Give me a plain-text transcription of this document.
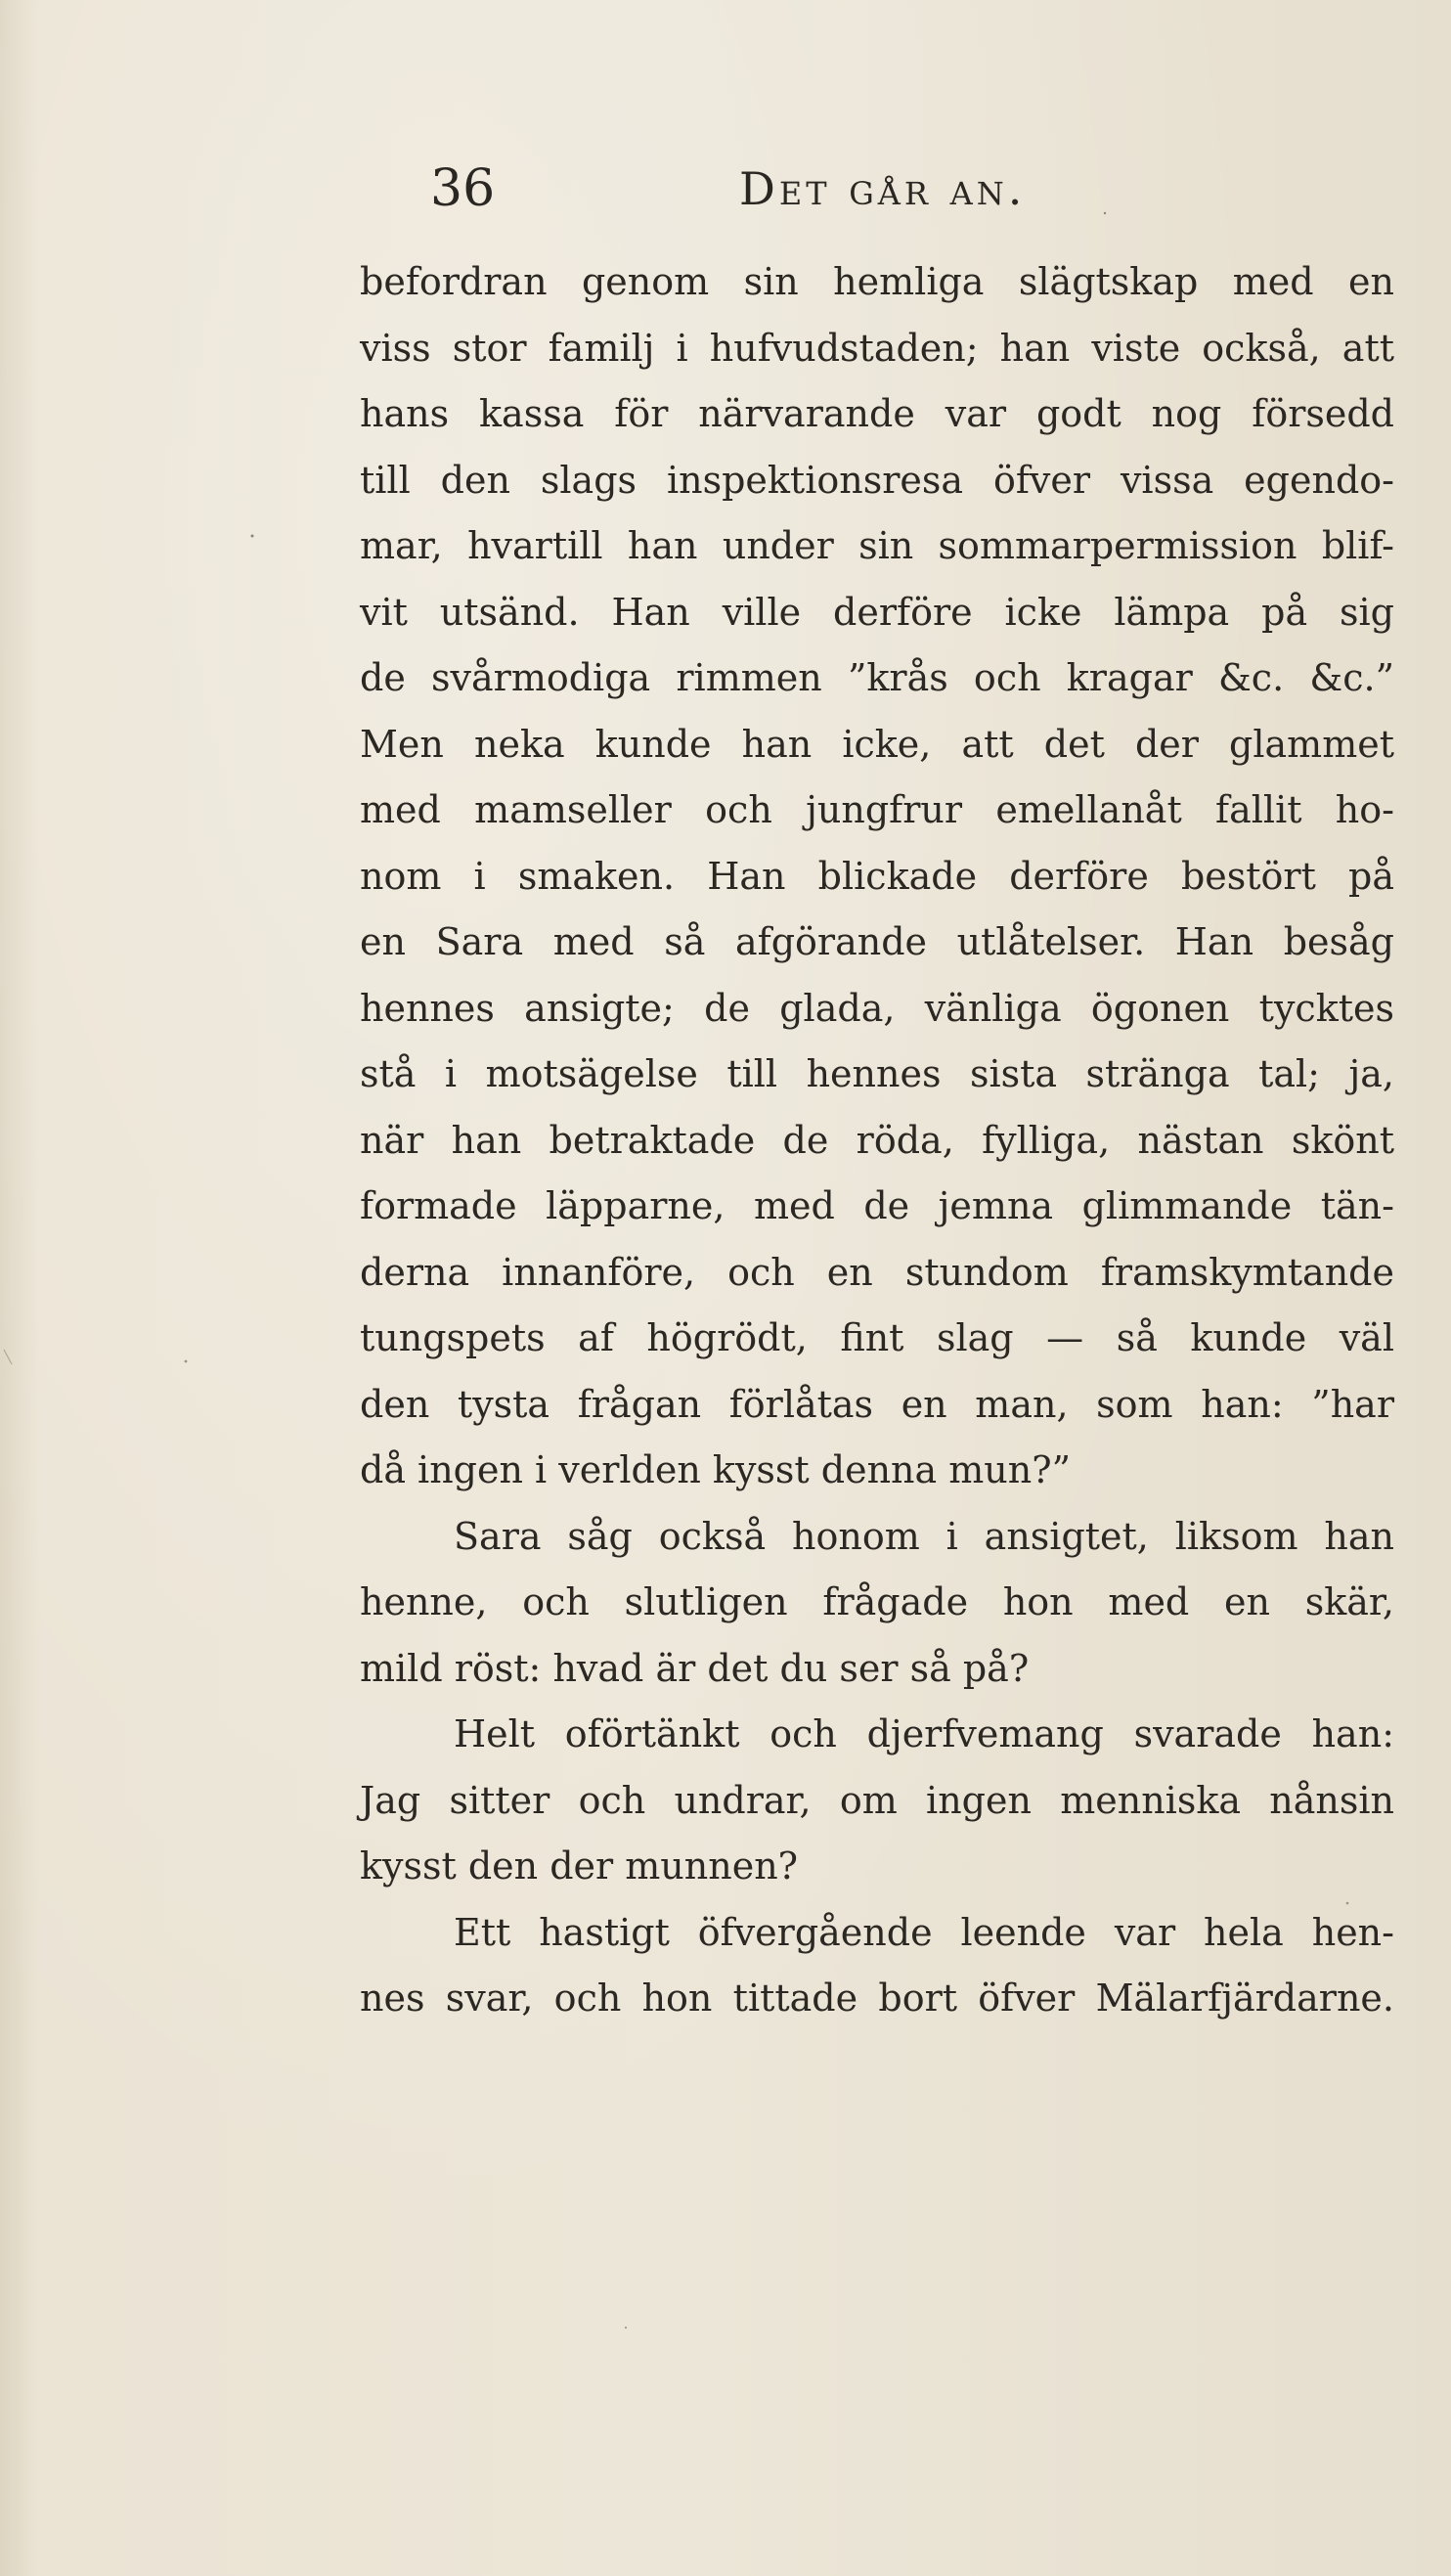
36	Det går an.
befordran genom sin hemliga slägtskap med en
viss stor familj i hufvudstaden; han viste också, att
hans kassa för närvarande var godt nog försedd
till den slags inspektionsresa öfver vissa egendo-
mar, hvartill han under sin sommarpermission blif-
vit utsänd. Han ville derföre icke lämpa på sig
de svårmodiga rimmen ”krås och kragar &c. &c.”
Men neka kunde han icke, att det der glammet
med mamseller och jungfrur emellanåt fallit ho-
nom i smaken. Han blickade derföre bestört på
en Sara med så afgörande utlåtelser. Han besåg
hennes ansigte; de glada, vänliga ögonen tycktes
stå i motsägelse till hennes sista stränga tal; ja,
när han betraktade de röda, fylliga, nästan skönt
formade läpparne, med de jemna glimmande tän-
derna innanföre, och en stundom framskymtande
tungspets af högrödt, fint slag — så kunde väl
den tysta frågan förlåtas en man, som han: ”har
då ingen i verlden kysst denna mun?”
Sara såg också honom i ansigtet, liksom han
henne, och slutligen frågade hon med en skär,
mild röst: hvad är det du ser så på?
Helt oförtänkt och djerfvemang svarade han:
Jag sitter och undrar, om ingen menniska nånsin
kysst den der munnen?
Ett hastigt öfvergående leende var hela hen-
nes svar, och hon tittade bort öfver Mälarfjärdarne.
